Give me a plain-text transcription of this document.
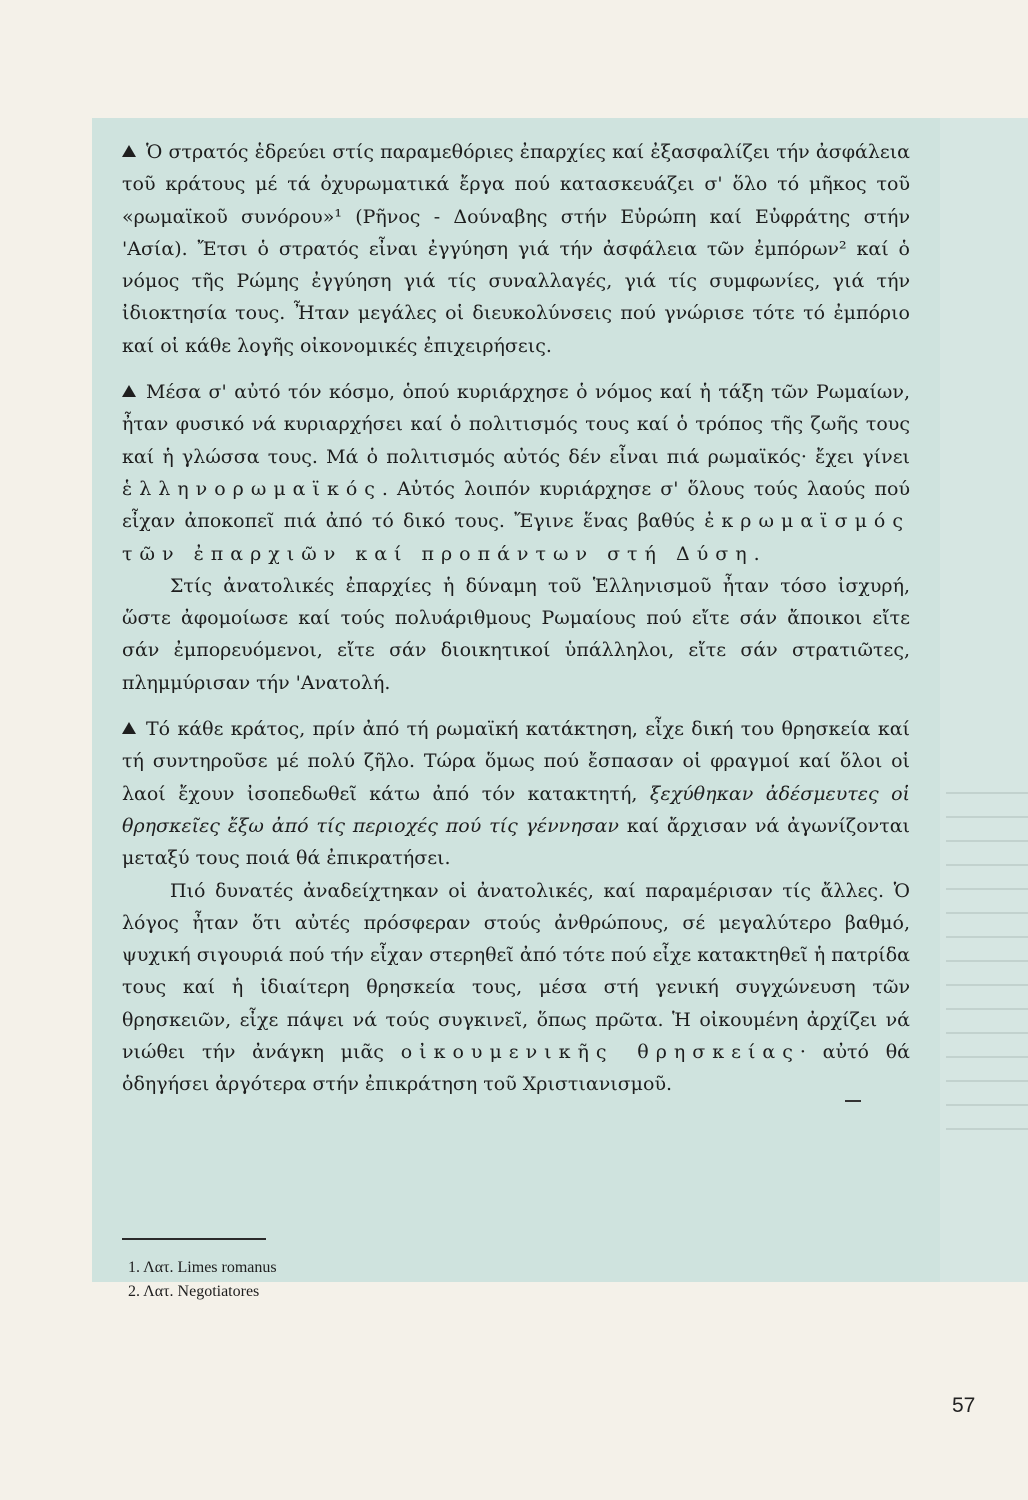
Ὁ στρατός ἑδρεύει στίς παραμεθόριες ἐπαρχίες καί ἐξασφαλίζει τήν ἀσφάλεια τοῦ κράτους μέ τά ὀχυρωματικά ἔργα πού κατασκευάζει σ' ὅλο τό μῆκος τοῦ «ρωμαϊκοῦ συνόρου»¹ (Ρῆνος - Δούναβης στήν Εὐρώπη καί Εὐφράτης στήν 'Ασία). Ἔτσι ὁ στρατός εἶναι ἐγγύηση γιά τήν ἀσφάλεια τῶν ἐμπόρων² καί ὁ νόμος τῆς Ρώμης ἐγγύηση γιά τίς συναλλαγές, γιά τίς συμφωνίες, γιά τήν ἰδιοκτησία τους. Ἦταν μεγάλες οἱ διευκολύνσεις πού γνώρισε τότε τό ἐμπόριο καί οἱ κάθε λογῆς οἰκονομικές ἐπιχειρήσεις.

Μέσα σ' αὐτό τόν κόσμο, ὁπού κυριάρχησε ὁ νόμος καί ἡ τάξη τῶν Ρωμαίων, ἦταν φυσικό νά κυριαρχήσει καί ὁ πολιτισμός τους καί ὁ τρόπος τῆς ζωῆς τους καί ἡ γλώσσα τους. Μά ὁ πολιτισμός αὐτός δέν εἶναι πιά ρωμαϊκός· ἔχει γίνει ἑλληνορωμαϊκός. Αὐτός λοιπόν κυριάρχησε σ' ὅλους τούς λαούς πού εἶχαν ἀποκοπεῖ πιά ἀπό τό δικό τους. Ἔγινε ἕνας βαθύς ἐκρωμαϊσμός τῶν ἐπαρχιῶν καί προπάντων στή Δύση.

Στίς ἀνατολικές ἐπαρχίες ἡ δύναμη τοῦ Ἑλληνισμοῦ ἦταν τόσο ἰσχυρή, ὥστε ἀφομοίωσε καί τούς πολυάριθμους Ρωμαίους πού εἴτε σάν ἄποικοι εἴτε σάν ἐμπορευόμενοι, εἴτε σάν διοικητικοί ὑπάλληλοι, εἴτε σάν στρατιῶτες, πλημμύρισαν τήν 'Ανατολή.

Τό κάθε κράτος, πρίν ἀπό τή ρωμαϊκή κατάκτηση, εἶχε δική του θρησκεία καί τή συντηροῦσε μέ πολύ ζῆλο. Τώρα ὅμως πού ἔσπασαν οἱ φραγμοί καί ὅλοι οἱ λαοί ἔχουν ἰσοπεδωθεῖ κάτω ἀπό τόν κατακτητή, ξεχύθηκαν ἀδέσμευτες οἱ θρησκεῖες ἔξω ἀπό τίς περιοχές πού τίς γέννησαν καί ἄρχισαν νά ἀγωνίζονται μεταξύ τους ποιά θά ἐπικρατήσει.

Πιό δυνατές ἀναδείχτηκαν οἱ ἀνατολικές, καί παραμέρισαν τίς ἄλλες. Ὁ λόγος ἦταν ὅτι αὐτές πρόσφεραν στούς ἀνθρώπους, σέ μεγαλύτερο βαθμό, ψυχική σιγουριά πού τήν εἶχαν στερηθεῖ ἀπό τότε πού εἶχε κατακτηθεῖ ἡ πατρίδα τους καί ἡ ἰδιαίτερη θρησκεία τους, μέσα στή γενική συγχώνευση τῶν θρησκειῶν, εἶχε πάψει νά τούς συγκινεῖ, ὅπως πρῶτα. Ἡ οἰκουμένη ἀρχίζει νά νιώθει τήν ἀνάγκη μιᾶς οἰκουμενικῆς θρησκείας· αὐτό θά ὁδηγήσει ἀργότερα στήν ἐπικράτηση τοῦ Χριστιανισμοῦ.

1. Λατ. Limes romanus
2. Λατ. Negotiatores
57
